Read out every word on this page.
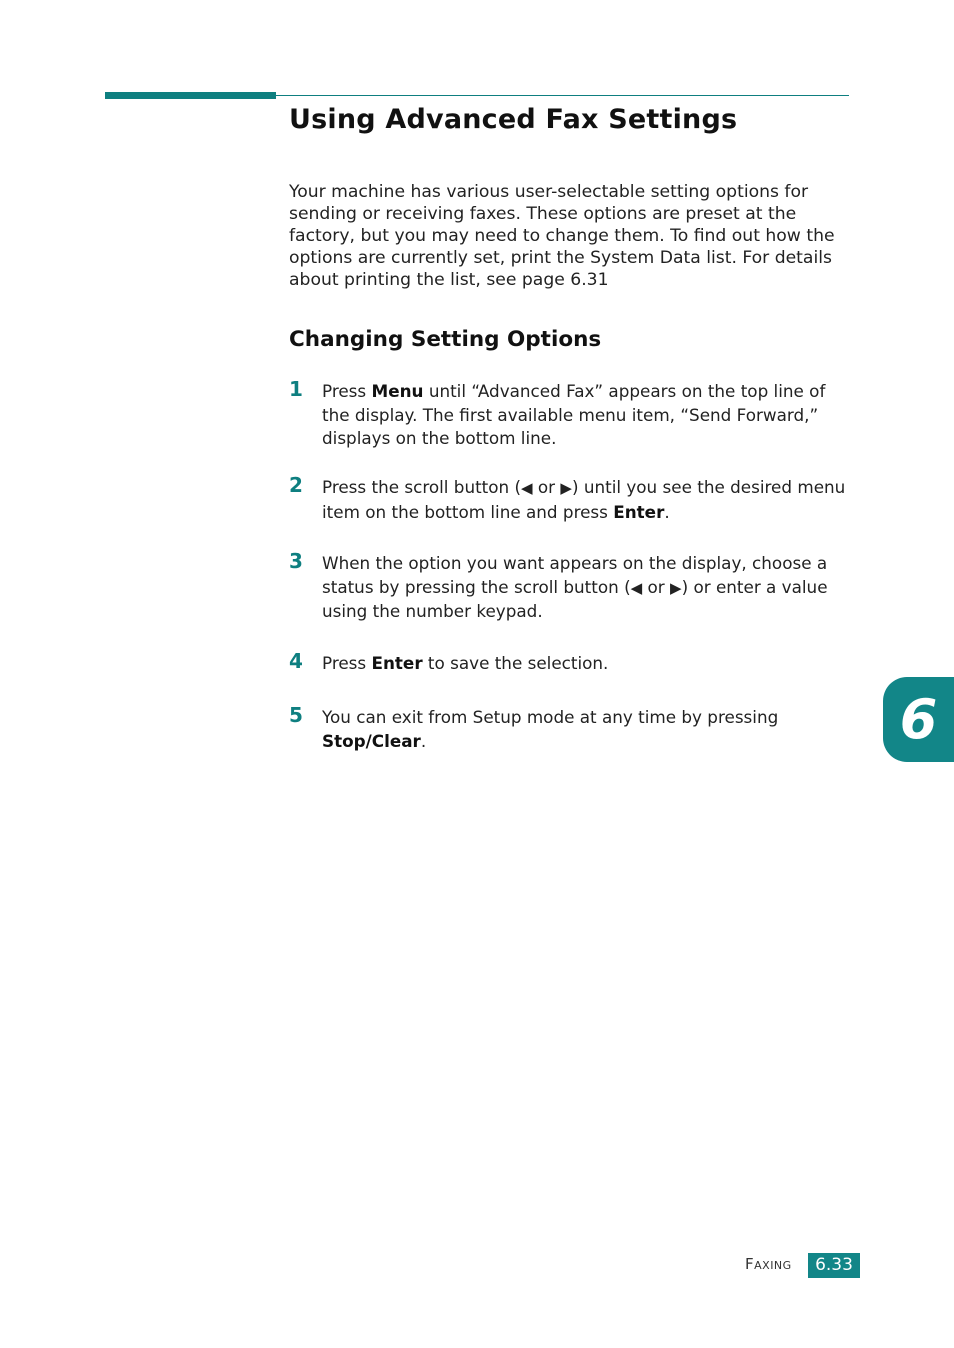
Using Advanced Fax Settings

Your machine has various user-selectable setting options for sending or receiving faxes. These options are preset at the factory, but you may need to change them. To find out how the options are currently set, print the System Data list. For details about printing the list, see page 6.31

Changing Setting Options
1 Press Menu until “Advanced Fax” appears on the top line of the display. The first available menu item, “Send Forward,” displays on the bottom line.
2 Press the scroll button (◀ or ▶) until you see the desired menu item on the bottom line and press Enter.
3 When the option you want appears on the display, choose a status by pressing the scroll button (◀ or ▶) or enter a value using the number keypad.
4 Press Enter to save the selection.
5 You can exit from Setup mode at any time by pressing Stop/Clear.	6
Faxing	6.33
